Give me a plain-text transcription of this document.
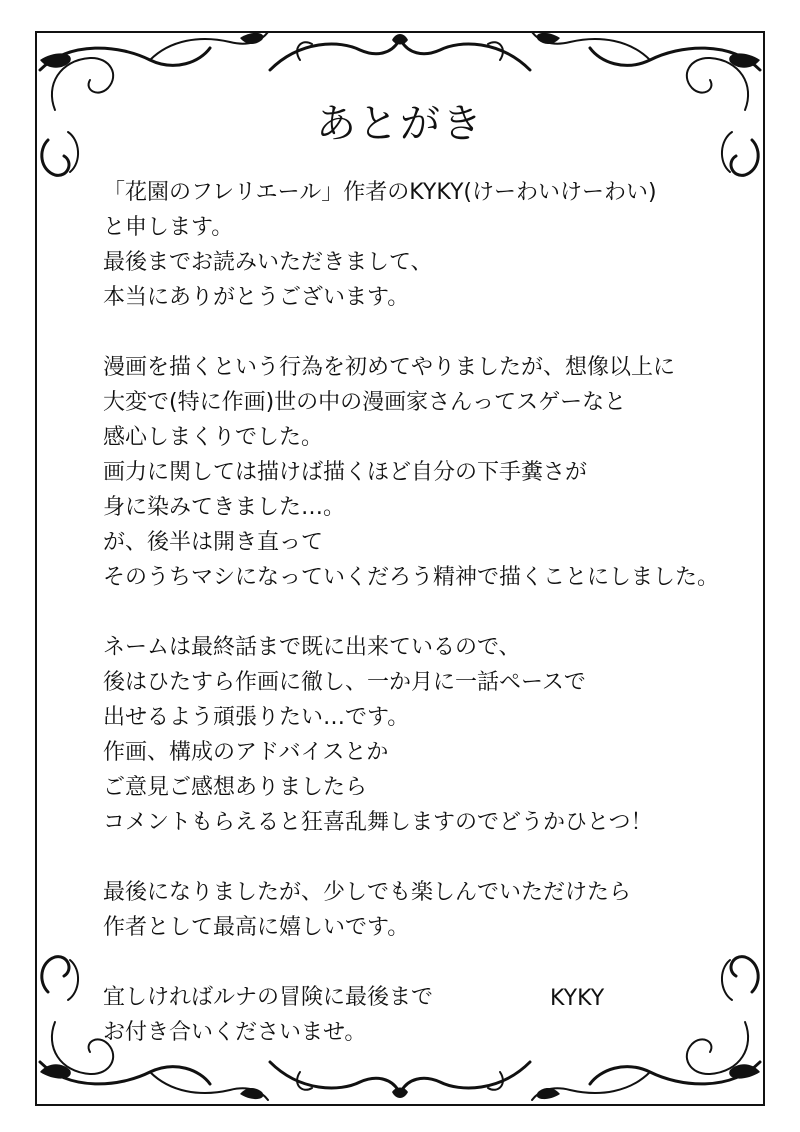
あとがき
「花園のフレリエール」作者のKYKY(けーわいけーわい)
と申します。
最後までお読みいただきまして、
本当にありがとうございます。
漫画を描くという行為を初めてやりましたが、想像以上に
大変で(特に作画)世の中の漫画家さんってスゲーなと
感心しまくりでした。
画力に関しては描けば描くほど自分の下手糞さが
身に染みてきました…。
が、後半は開き直って
そのうちマシになっていくだろう精神で描くことにしました。
ネームは最終話まで既に出来ているので、
後はひたすら作画に徹し、一か月に一話ペースで
出せるよう頑張りたい…です。
作画、構成のアドバイスとか
ご意見ご感想ありましたら
コメントもらえると狂喜乱舞しますのでどうかひとつ！
最後になりましたが、少しでも楽しんでいただけたら
作者として最高に嬉しいです。
宜しければルナの冒険に最後まで
お付き合いくださいませ。
KYKY
